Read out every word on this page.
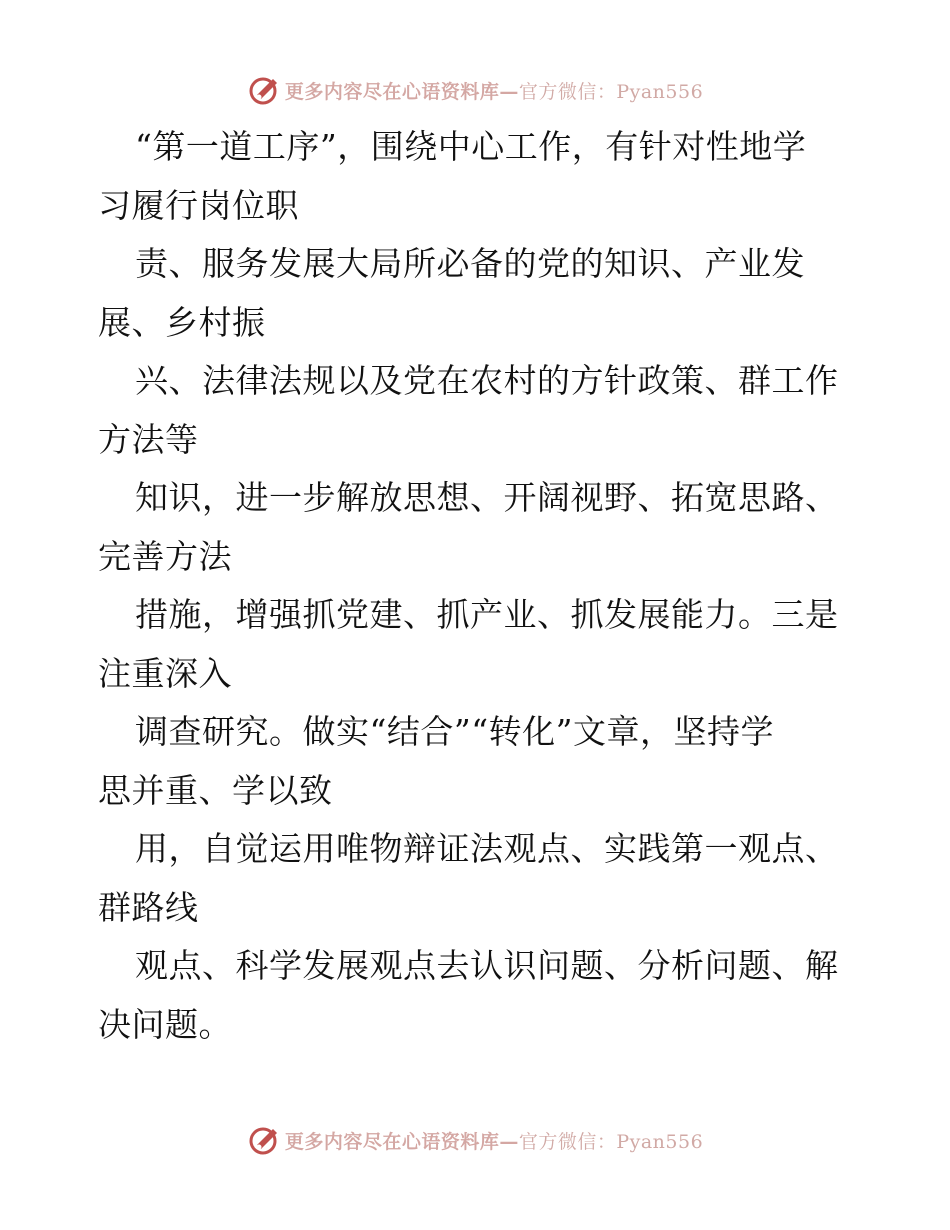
更多内容尽在心语资料库—官方微信：Pyan556
“第一道工序”，围绕中心工作，有针对性地学
习履行岗位职
责、服务发展大局所必备的党的知识、产业发
展、乡村振
兴、法律法规以及党在农村的方针政策、群工作
方法等
知识，进一步解放思想、开阔视野、拓宽思路、
完善方法
措施，增强抓党建、抓产业、抓发展能力。三是
注重深入
调查研究。做实“结合”“转化”文章，坚持学
思并重、学以致
用，自觉运用唯物辩证法观点、实践第一观点、
群路线
观点、科学发展观点去认识问题、分析问题、解
决问题。
更多内容尽在心语资料库—官方微信：Pyan556
